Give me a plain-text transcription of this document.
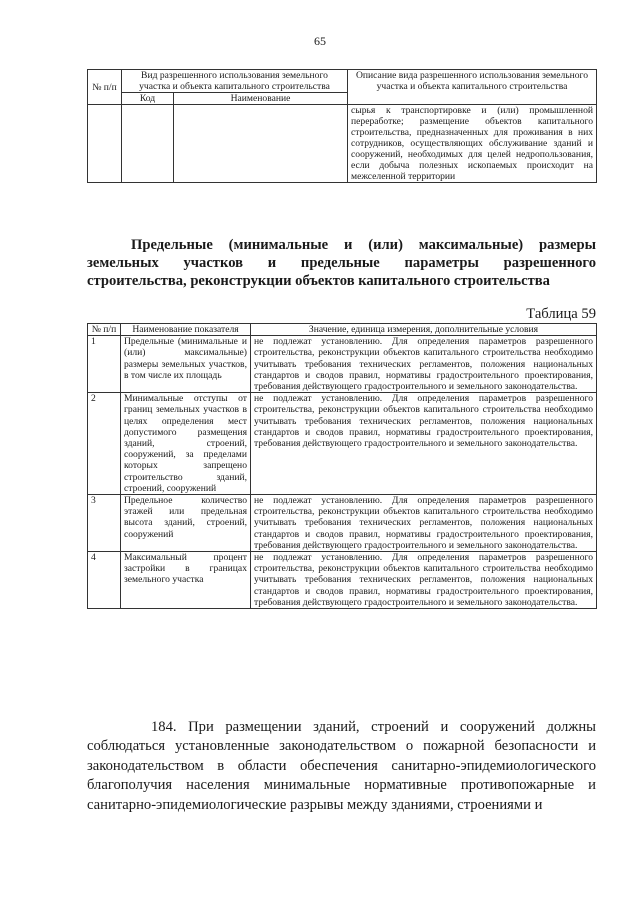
65
№ п/п	Вид разрешенного использования земельного участка и объекта капитального строительства		Описание вида разрешенного использования земельного участка и объекта капитального строительства
	Код	Наименование	
			сырья к транспортировке и (или) промышленной переработке; размещение объектов капитального строительства, предназначенных для проживания в них сотрудников, осуществляющих обслуживание зданий и сооружений, необходимых для целей недропользования, если добыча полезных ископаемых происходит на межселенной территории
Предельные (минимальные и (или) максимальные) размеры земельных участков и предельные параметры разрешенного
строительства, реконструкции объектов капитального строительства
Таблица 59
№ п/п	Наименование показателя	Значение, единица измерения, дополнительные условия
1	Предельные (минимальные и (или) максимальные) размеры земельных участков, в том числе их площадь	не подлежат установлению. Для определения параметров разрешенного строительства, реконструкции объектов капитального строительства необходимо учитывать требования технических регламентов, положения национальных стандартов и сводов правил, нормативы градостроительного проектирования, требования действующего градостроительного и земельного законодательства.
2	Минимальные отступы от границ земельных участков в целях определения мест допустимого размещения зданий, строений, сооружений, за пределами которых запрещено строительство зданий, строений, сооружений	не подлежат установлению. Для определения параметров разрешенного строительства, реконструкции объектов капитального строительства необходимо учитывать требования технических регламентов, положения национальных стандартов и сводов правил, нормативы градостроительного проектирования, требования действующего градостроительного и земельного законодательства.
3	Предельное количество этажей или предельная высота зданий, строений, сооружений	не подлежат установлению. Для определения параметров разрешенного строительства, реконструкции объектов капитального строительства необходимо учитывать требования технических регламентов, положения национальных стандартов и сводов правил, нормативы градостроительного проектирования, требования действующего градостроительного и земельного законодательства.
4	Максимальный процент застройки в границах земельного участка	не подлежат установлению. Для определения параметров разрешенного строительства, реконструкции объектов капитального строительства необходимо учитывать требования технических регламентов, положения национальных стандартов и сводов правил, нормативы градостроительного проектирования, требования действующего градостроительного и земельного законодательства.
184. При размещении зданий, строений и сооружений должны соблюдаться установленные законодательством о пожарной безопасности и законодательством в области обеспечения санитарно-эпидемиологического благополучия населения минимальные нормативные противопожарные и санитарно-эпидемиологические разрывы между зданиями, строениями и
